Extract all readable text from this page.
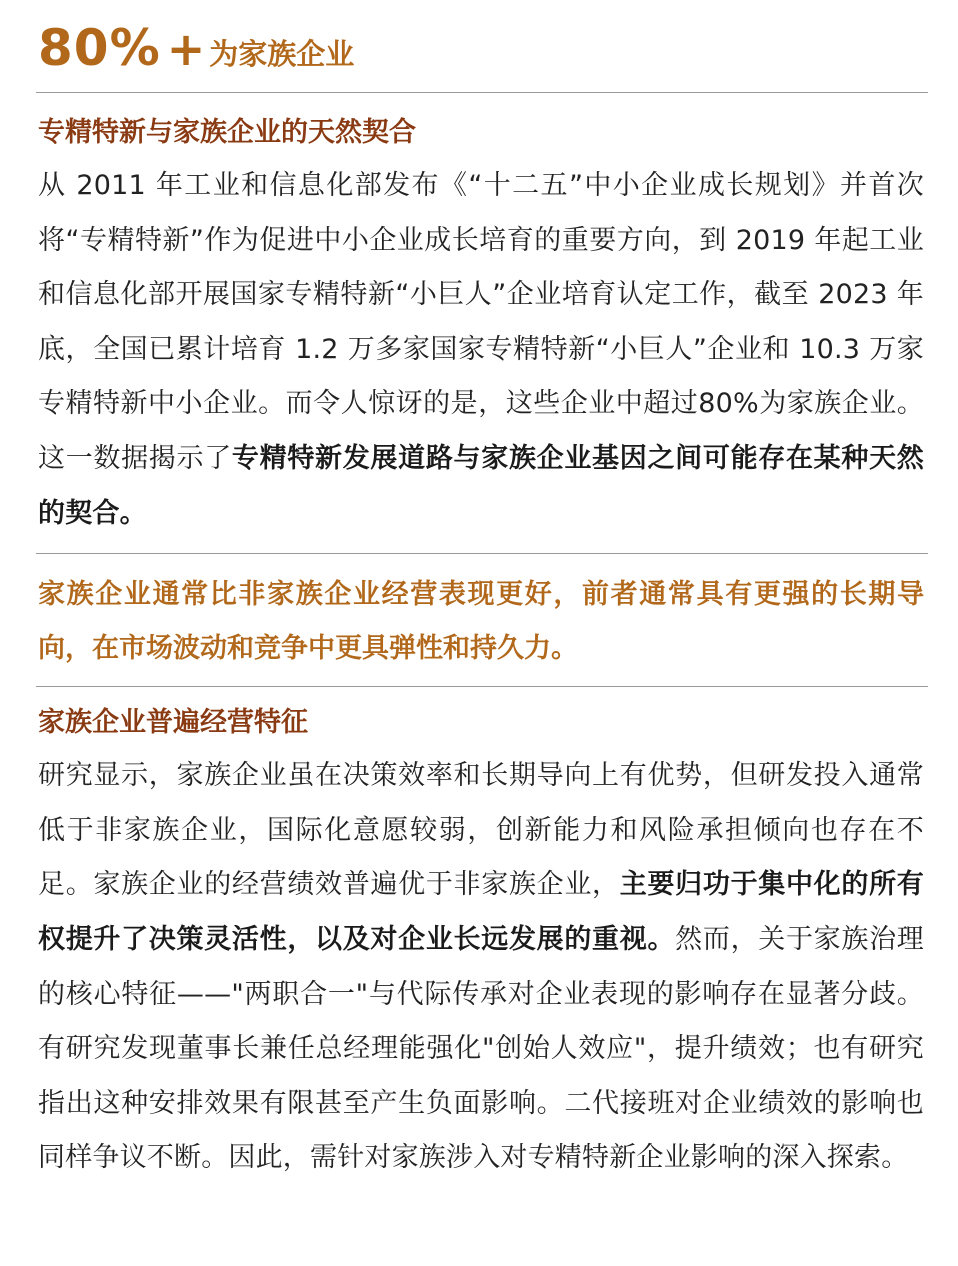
80% + 为家族企业
专精特新与家族企业的天然契合

从 2011 年工业和信息化部发布《“十二五”中小企业成长规划》并首次将“专精特新”作为促进中小企业成长培育的重要方向，到 2019 年起工业和信息化部开展国家专精特新“小巨人”企业培育认定工作，截至 2023 年底，全国已累计培育 1.2 万多家国家专精特新“小巨人”企业和 10.3 万家专精特新中小企业。而令人惊讶的是，这些企业中超过80%为家族企业。这一数据揭示了专精特新发展道路与家族企业基因之间可能存在某种天然的契合。

家族企业通常比非家族企业经营表现更好，前者通常具有更强的长期导向，在市场波动和竞争中更具弹性和持久力。

家族企业普遍经营特征

研究显示，家族企业虽在决策效率和长期导向上有优势，但研发投入通常低于非家族企业，国际化意愿较弱，创新能力和风险承担倾向也存在不足。家族企业的经营绩效普遍优于非家族企业，主要归功于集中化的所有权提升了决策灵活性，以及对企业长远发展的重视。然而，关于家族治理的核心特征——"两职合一"与代际传承对企业表现的影响存在显著分歧。有研究发现董事长兼任总经理能强化"创始人效应"，提升绩效；也有研究指出这种安排效果有限甚至产生负面影响。二代接班对企业绩效的影响也同样争议不断。因此，需针对家族涉入对专精特新企业影响的深入探索。
